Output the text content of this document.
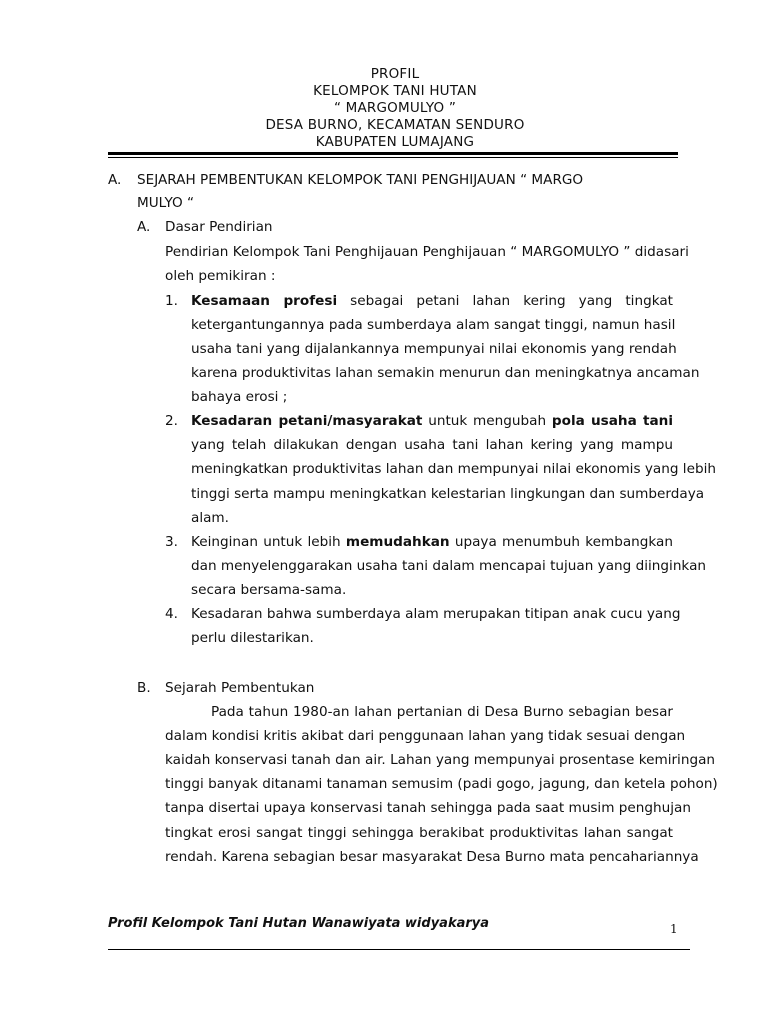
PROFIL
KELOMPOK TANI HUTAN
“ MARGOMULYO ”
DESA BURNO, KECAMATAN SENDURO
KABUPATEN LUMAJANG
A. SEJARAH PEMBENTUKAN KELOMPOK TANI PENGHIJAUAN “ MARGO
MULYO “
A. Dasar Pendirian
Pendirian Kelompok Tani Penghijauan Penghijauan “ MARGOMULYO ” didasari
oleh pemikiran :
1. Kesamaan profesi sebagai petani lahan kering yang tingkat
ketergantungannya pada sumberdaya alam sangat tinggi, namun hasil
usaha tani yang dijalankannya mempunyai nilai ekonomis yang rendah
karena produktivitas lahan semakin menurun dan meningkatnya ancaman
bahaya erosi ;
2. Kesadaran petani/masyarakat untuk mengubah pola usaha tani
yang telah dilakukan dengan usaha tani lahan kering yang mampu
meningkatkan produktivitas lahan dan mempunyai nilai ekonomis yang lebih
tinggi serta mampu meningkatkan kelestarian lingkungan dan sumberdaya
alam.
3. Keinginan untuk lebih memudahkan upaya menumbuh kembangkan
dan menyelenggarakan usaha tani dalam mencapai tujuan yang diinginkan
secara bersama-sama.
4. Kesadaran bahwa sumberdaya alam merupakan titipan anak cucu yang
perlu dilestarikan.
B. Sejarah Pembentukan
Pada tahun 1980-an lahan pertanian di Desa Burno sebagian besar
dalam kondisi kritis akibat dari penggunaan lahan yang tidak sesuai dengan
kaidah konservasi tanah dan air. Lahan yang mempunyai prosentase kemiringan
tinggi banyak ditanami tanaman semusim (padi gogo, jagung, dan ketela pohon)
tanpa disertai upaya konservasi tanah sehingga pada saat musim penghujan
tingkat erosi sangat tinggi sehingga berakibat produktivitas lahan sangat
rendah. Karena sebagian besar masyarakat Desa Burno mata pencahariannya
Profil Kelompok Tani Hutan Wanawiyata widyakarya	1
